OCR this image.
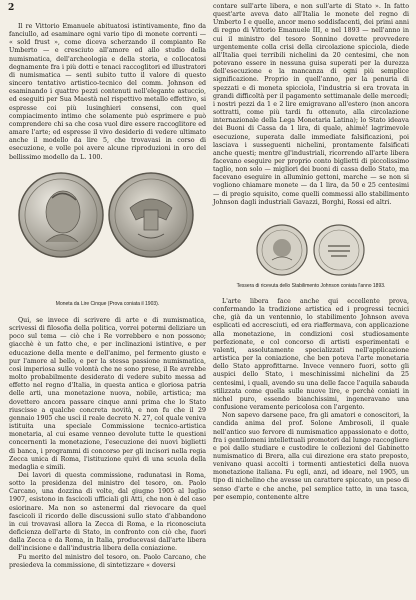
2

Il re Vittorio Emanuele abituatosi istintivamente, fino da fanciullo, ad esaminare ogni vario tipo di monete correnti — « sold frust », come diceva scherzando il compianto Re Umberto — e cresciuto all'amore ed allo studio della numismatica, dell'archeologia e della storia, e collocatosi degnamente fra i più dotti e tenaci raccoglitori ed illustratori di numismatica — sentì subito tutto il valore di questo sincero tentativo artistico-tecnico del comm. Johnson ed esaminando i quattro pezzi contenuti nell'elegante astuccio, ed eseguiti per Sua Maestà nel rispettivo metallo effettivo, si espresse coi più lusinghieri consensi, con quel compiacimento intimo che solamente può esprimere e può comprendere chi sa che cosa vuol dire essere raccoglitore ed amare l'arte; ed espresse il vivo desiderio di vedere ultimato anche il modello da lire 5, che trovavasi in corso di esecuzione, e volle poi avere alcune riproduzioni in oro del bellissimo modello da L. 100.

Moneta da Lire Cinque (Prova coniata il 1903).

Qui, se invece di scrivere di arte e di numismatica, scrivessi di filosofia della politica, vorrei potermi deliziare un poco sul tema — ciò che i Re vorrebbero e non possono; giacchè è un fatto che, e per inclinazioni istintive, e per educazione della mente e dell'animo, pel fermento giusto e pur l'amore al bello, e per la stessa passione numismatica, così imperiosa sulle volontà che ne sono prese, il Re avrebbe molto probabilmente desiderato di vedere subito messa ad effetto nel regno d'Italia, in questa antica e gloriosa patria delle arti, una monetazione nuova, nobile, artistica; ma dovettero ancora passare cinque anni prima che lo Stato riuscisse a qualche concreta novità, e non fu che il 29 gennaio 1905 che uscì il reale decreto N. 27, col quale veniva istituita una speciale Commissione tecnico-artistica monetaria, al cui esame venneo devolute tutte le questioni concernenti la monetazione, l'esecuzione dei nuovi biglietti di banca, i programmi di concorso per gli incisori nella regia Zecca unica di Roma, l'istituzione quivi di una scuola della medaglia e simili.

Dei lavori di questa commissione, radunatasi in Roma, sotto la presidenza del ministro del tesoro, on. Paolo Carcano, una dozzina di volte, dal giugno 1905 al luglio 1907, esistono in fascicoli ufficiali gli Atti, che non è del caso esiorinare. Ma non so astenermi dal rievocare da quel fascicoli il ricordo delle discussioni sullo stato d'abbandono in cui trovavasi allora la Zecca di Roma, e la riconosciuta deficienza dell'arte di Stato, in confronto con ciò che, fuori dalla Zecca e da Roma, in Italia, producevasi dall'arte libera dell'incisione e dall'industria libera della coniazione.

Fu merito del ministro del tesoro, on. Paolo Carcano, che presiedeva la commissione, di sintetizzare « doversi

contare sull'arte libera, e non sull'arte di Stato ». In fatto quest'arte aveva dato all'Italia le monete del regno di Umberto I e quelle, ancor meno soddisfacenti, dei primi anni di regno di Vittorio Emanuele III, e nel 1893 — nell'anno in cui il ministro del tesoro Sonnino dovette provvedere urgentemente colla crisi della circolazione spicciola, diede all'Italia quei terribili nichelini da 20 centesimi, che non potevano essere in nessuna guisa superati per la durezza dell'esecuzione e la mancanza di ogni più semplice significazione. Proprio in quell'anno, per la penuria di spezzati e di moneta spicciola, l'industria si era trovata in grandi difficoltà per il pagamento settimanale delle mercedi; i nostri pezzi da 1 e 2 lire emigravano all'estero (non ancora sottratti, come più tardi fu ottenuto, alla circolazione internazionale della Lega Monetaria Latina); lo Stato ideava dei Buoni di Cassa da 1 lira, di quale, ahimè! lagrimevole esecuzione, superata dalle immediate falsificazioni, poi lasciava i susseguenti nichelini, prontamente falsificati anche questi; mentre gl'industriali, ricorrendo all'arte libera facevano eseguire per proprio conto biglietti di piccolissimo taglio, non solo — migliori dei buoni di cassa dello Stato, ma facevano eseguire in alluminio gettoni, marche — se non si vogliono chiamare monete — da 1 lira, da 50 e 25 centesimi — di pregio squisito, come quelli commessi allo stabilimento Johnson dagli industriali Gavazzi, Borghi, Rossi ed altri.

Tessera di ricevuta dello Stabilimento Johnson coniata l'anno 1893.

L'arte libera face anche qui eccellente prova, confermando la tradizione artistica ed i progressi tecnici che, già da un ventennio, lo stabilimento Johnson aveva esplicati ed accresciuti, ed era riaffermava, con applicazione alla monetazione, in condizioni così studiosamente perfezionate, e col concorso di artisti esperimentati e valenti, assolutamente specializzati nell'applicazione artistica per la coniazione, che ben poteva l'arte monetaria dello Stato approfittarne. Invece vennero fuori, sotto gli auspici dello Stato, i meschinissimi nichelini da 25 centesimi, i quali, avendo su una delle facce l'aquila sabauda stilizzata come quella sulle nuove lire, e perchè coniati in nichel puro, essendo bianchissimi, ingeneravano una confusione veramente pericolosa con l'argento.

Non sapevo darsene pace, fra gli amatori e conoscitori, la candida anima del prof. Solone Ambrosoli, il quale nell'antico suo fervore di numismatico appassionato e dotto, fra i gentilomeni intellettuali promotori dal lungo raccogliere e poi dallo studiare e custodire le collezioni del Gabinetto numismatico di Brera, alla cui direzione era stato preposto, venivano quasi accolti i tormenti antiestetici della nuova monetazione italiana. Fu egli, anzi, ad ideare, nel 1905, un tipo di nichelino che avesse un carattere spiccato, un peso di senso d'arte e che anche, pel semplice tatto, in una tasca, per esempio, contenente altre
